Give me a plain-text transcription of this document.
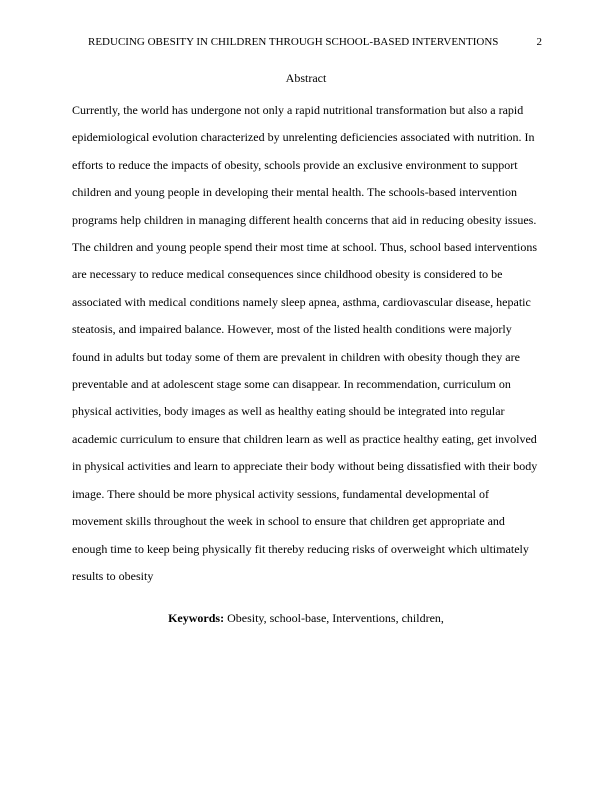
REDUCING OBESITY IN CHILDREN THROUGH SCHOOL-BASED INTERVENTIONS	2
Abstract
Currently, the world has undergone not only a rapid nutritional transformation but also a rapid
epidemiological evolution characterized by unrelenting deficiencies associated with nutrition. In
efforts to reduce the impacts of obesity, schools provide an exclusive environment to support
children and young people in developing their mental health. The schools-based intervention
programs help children in managing different health concerns that aid in reducing obesity issues.
The children and young people spend their most time at school. Thus, school based interventions
are necessary to reduce medical consequences since childhood obesity is considered to be
associated with medical conditions namely sleep apnea, asthma, cardiovascular disease, hepatic
steatosis, and impaired balance. However, most of the listed health conditions were majorly
found in adults but today some of them are prevalent in children with obesity though they are
preventable and at adolescent stage some can disappear. In recommendation, curriculum on
physical activities, body images as well as healthy eating should be integrated into regular
academic curriculum to ensure that children learn as well as practice healthy eating, get involved
in physical activities and learn to appreciate their body without being dissatisfied with their body
image. There should be more physical activity sessions, fundamental developmental of
movement skills throughout the week in school to ensure that children get appropriate and
enough time to keep being physically fit thereby reducing risks of overweight which ultimately
results to obesity
Keywords: Obesity, school-base, Interventions, children,
